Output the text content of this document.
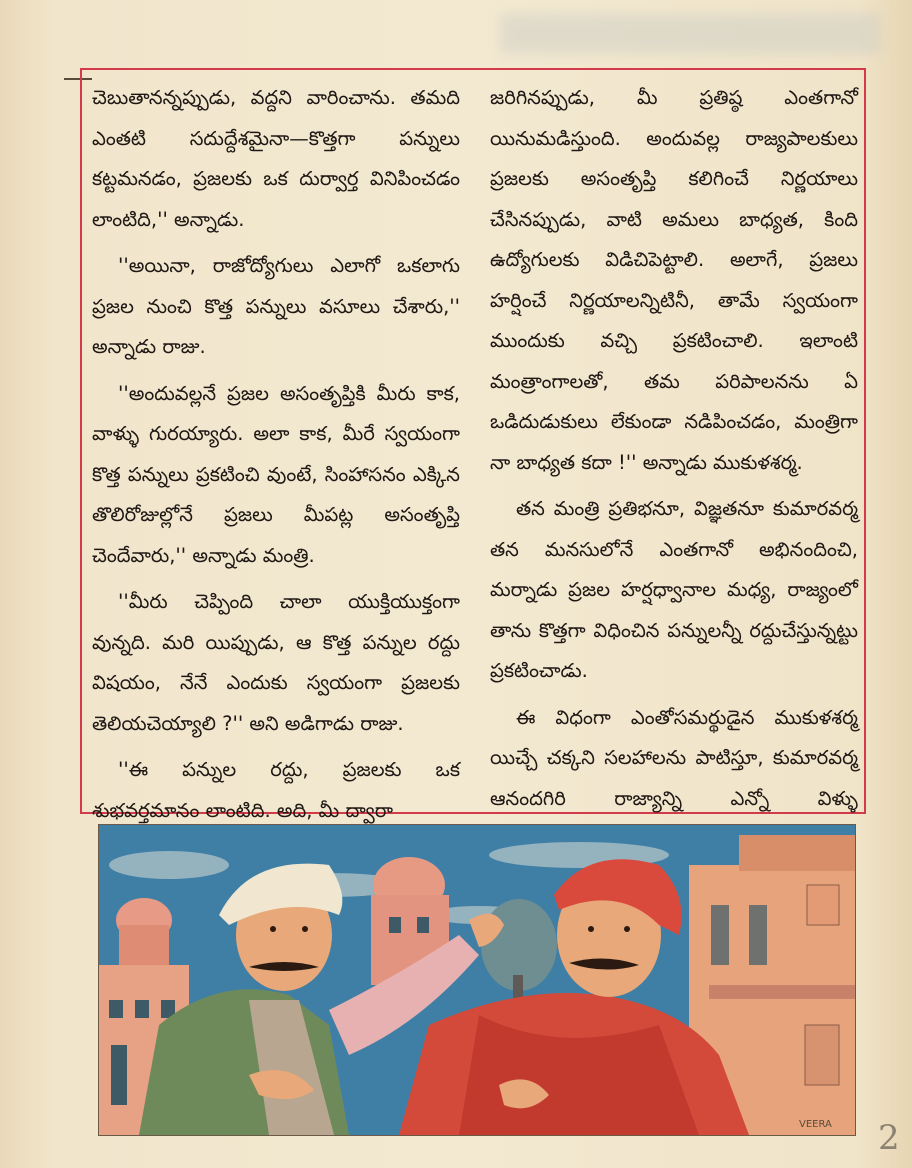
చెబుతానన్నప్పుడు, వద్దని వారించాను. తమది ఎంతటి సదుద్దేశమైనా—కొత్తగా పన్నులు కట్టమనడం, ప్రజలకు ఒక దుర్వార్త వినిపించడం లాంటిది,'' అన్నాడు.

''అయినా, రాజోద్యోగులు ఎలాగో ఒకలాగు ప్రజల నుంచి కొత్త పన్నులు వసూలు చేశారు,'' అన్నాడు రాజు.

''అందువల్లనే ప్రజల అసంతృప్తికి మీరు కాక, వాళ్ళు గురయ్యారు. అలా కాక, మీరే స్వయంగా కొత్త పన్నులు ప్రకటించి వుంటే, సింహాసనం ఎక్కిన తొలిరోజుల్లోనే ప్రజలు మీపట్ల అసంతృప్తి చెందేవారు,'' అన్నాడు మంత్రి.

''మీరు చెప్పింది చాలా యుక్తియుక్తంగా వున్నది. మరి యిప్పుడు, ఆ కొత్త పన్నుల రద్దు విషయం, నేనే ఎందుకు స్వయంగా ప్రజలకు తెలియచెయ్యాలి ?'' అని అడిగాడు రాజు.

''ఈ పన్నుల రద్దు, ప్రజలకు ఒక శుభవర్తమానం లాంటిది. అది, మీ ద్వారా

జరిగినప్పుడు, మీ ప్రతిష్ఠ ఎంతగానో యినుమడిస్తుంది. అందువల్ల రాజ్యపాలకులు ప్రజలకు అసంతృప్తి కలిగించే నిర్ణయాలు చేసినప్పుడు, వాటి అమలు బాధ్యత, కింది ఉద్యోగులకు విడిచిపెట్టాలి. అలాగే, ప్రజలు హర్షించే నిర్ణయాలన్నిటినీ, తామే స్వయంగా ముందుకు వచ్చి ప్రకటించాలి. ఇలాంటి మంత్రాంగాలతో, తమ పరిపాలనను ఏ ఒడిదుడుకులు లేకుండా నడిపించడం, మంత్రిగా నా బాధ్యత కదా !'' అన్నాడు ముకుళశర్మ.

తన మంత్రి ప్రతిభనూ, విజ్ఞతనూ కుమారవర్మ తన మనసులోనే ఎంతగానో అభినందించి, మర్నాడు ప్రజల హర్షధ్వానాల మధ్య, రాజ్యంలో తాను కొత్తగా విధించిన పన్నులన్నీ రద్దుచేస్తున్నట్టు ప్రకటించాడు.

ఈ విధంగా ఎంతోసమర్థుడైన ముకుళశర్మ యిచ్చే చక్కని సలహాలను పాటిస్తూ, కుమారవర్మ ఆనందగిరి రాజ్యాన్ని ఎన్నో విళ్ళు

VEERA 2
